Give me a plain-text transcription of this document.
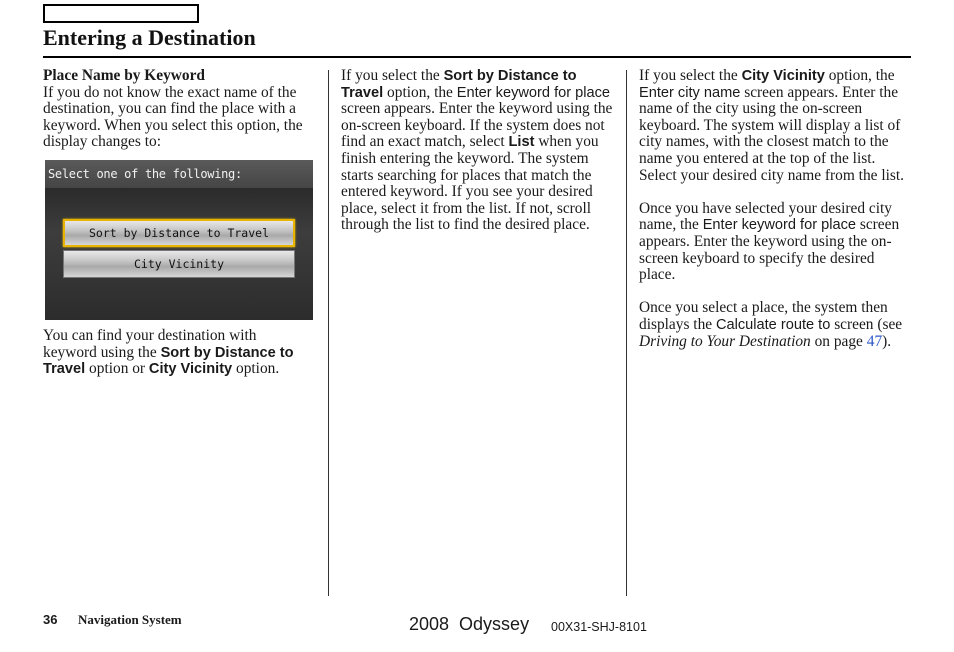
Entering a Destination
Place Name by Keyword

If you do not know the exact name of the destination, you can find the place with a keyword. When you select this option, the display changes to:

Select one of the following:
Sort by Distance to Travel
City Vicinity

You can find your destination with keyword using the Sort by Distance to Travel option or City Vicinity option.

If you select the Sort by Distance to Travel option, the Enter keyword for place screen appears. Enter the keyword using the on-screen keyboard. If the system does not find an exact match, select List when you finish entering the keyword. The system starts searching for places that match the entered keyword. If you see your desired place, select it from the list. If not, scroll through the list to find the desired place.

If you select the City Vicinity option, the Enter city name screen appears. Enter the name of the city using the on-screen keyboard. The system will display a list of city names, with the closest match to the name you entered at the top of the list. Select your desired city name from the list.

Once you have selected your desired city name, the Enter keyword for place screen appears. Enter the keyword using the on-screen keyboard to specify the desired place.

Once you select a place, the system then displays the Calculate route to screen (see Driving to Your Destination on page 47).

36 Navigation System	2008  Odyssey 00X31-SHJ-8101
